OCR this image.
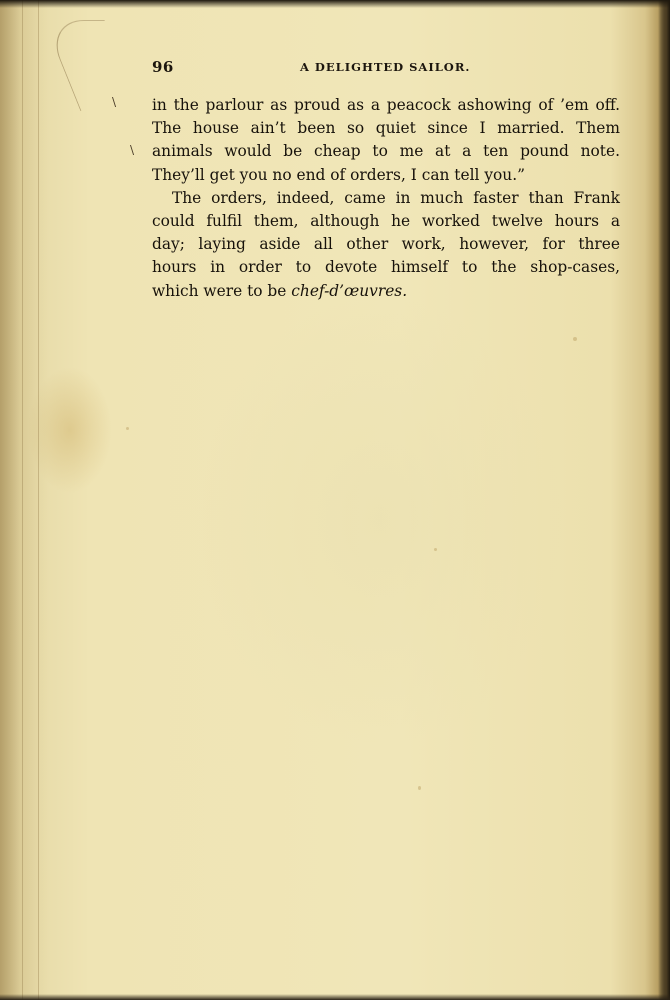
\
\
96	A DELIGHTED SAILOR.
in the parlour as proud as a peacock ashowing of ’em off.
The house ain’t been so quiet since I married. Them
animals would be cheap to me at a ten pound note.
They’ll get you no end of orders, I can tell you.”
The orders, indeed, came in much faster than Frank
could fulfil them, although he worked twelve hours a
day; laying aside all other work, however, for three
hours in order to devote himself to the shop-cases,
which were to be chef-d’œuvres.
